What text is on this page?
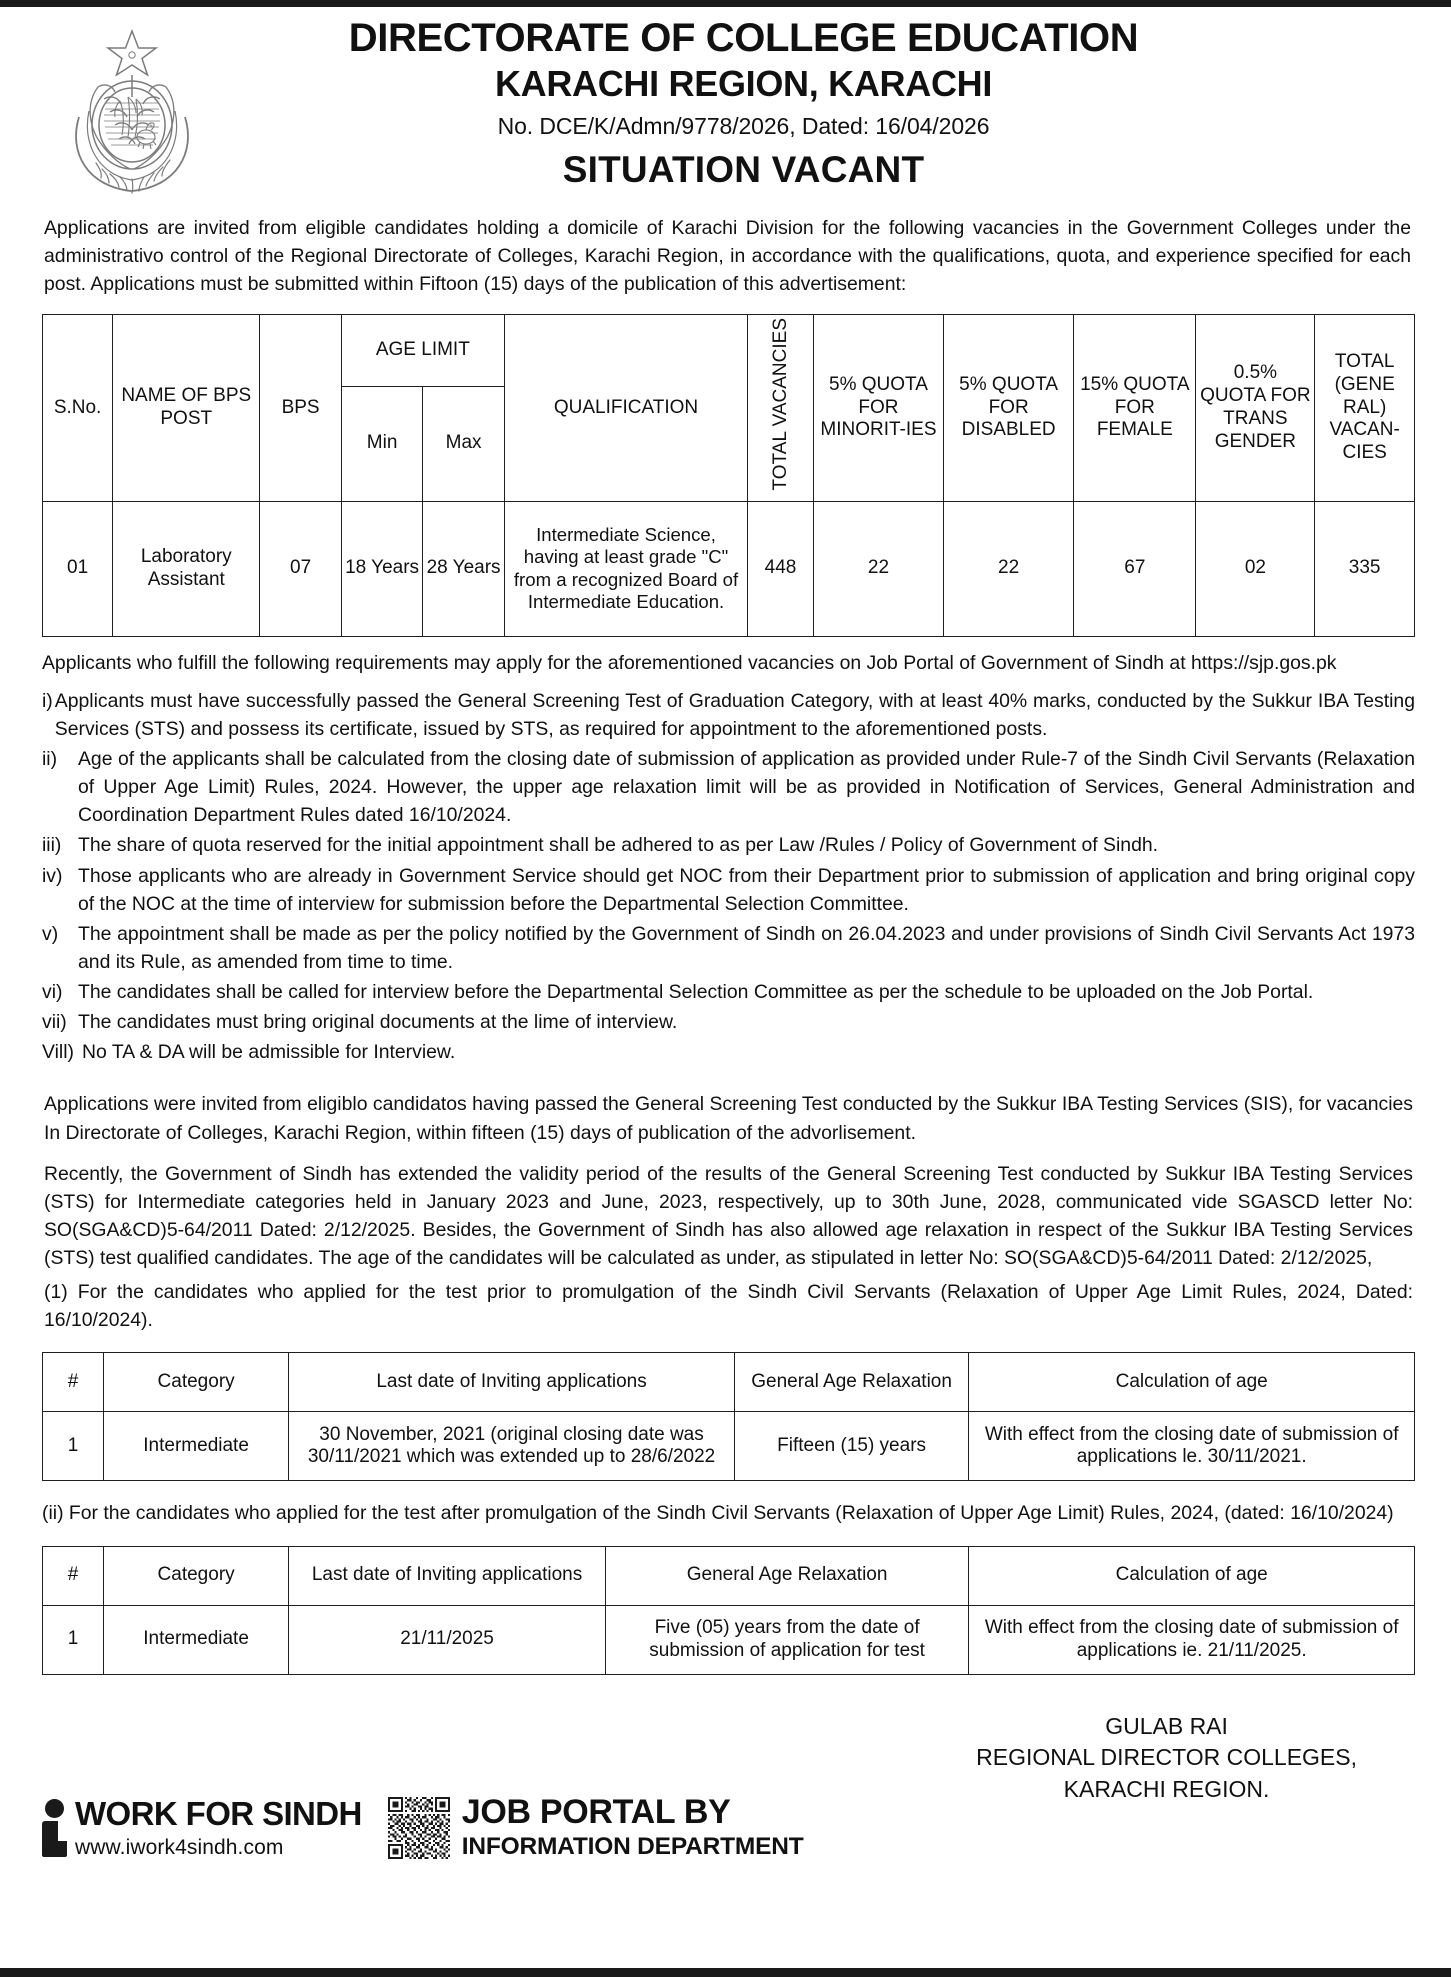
DIRECTORATE OF COLLEGE EDUCATION
KARACHI REGION, KARACHI
No. DCE/K/Admn/9778/2026, Dated: 16/04/2026
SITUATION VACANT

Applications are invited from eligible candidates holding a domicile of Karachi Division for the following vacancies in the Government Colleges under the administrativo control of the Regional Directorate of Colleges, Karachi Region, in accordance with the qualifications, quota, and experience specified for each post. Applications must be submitted within Fiftoon (15) days of the publication of this advertisement:

S.No.	NAME OF BPS POST	BPS	AGE LIMIT		QUALIFICATION	TOTAL VACANCIES	5% QUOTA FOR MINORIT-IES	5% QUOTA FOR DISABLED	15% QUOTA FOR FEMALE	0.5% QUOTA FOR TRANS GENDER	TOTAL (GENE RAL) VACAN-CIES
			Min	Max							
01	Laboratory Assistant	07	18 Years	28 Years	Intermediate Science, having at least grade "C" from a recognized Board of Intermediate Education.	448	22	22	67	02	335

Applicants who fulfill the following requirements may apply for the aforementioned vacancies on Job Portal of Government of Sindh at https://sjp.gos.pk

i) Applicants must have successfully passed the General Screening Test of Graduation Category, with at least 40% marks, conducted by the Sukkur IBA Testing Services (STS) and possess its certificate, issued by STS, as required for appointment to the aforementioned posts.
ii)	Age of the applicants shall be calculated from the closing date of submission of application as provided under Rule-7 of the Sindh Civil Servants (Relaxation of Upper Age Limit) Rules, 2024. However, the upper age relaxation limit will be as provided in Notification of Services, General Administration and Coordination Department Rules dated 16/10/2024.
iii) The share of quota reserved for the initial appointment shall be adhered to as per Law /Rules / Policy of Government of Sindh.
iv) Those applicants who are already in Government Service should get NOC from their Department prior to submission of application and bring original copy of the NOC at the time of interview for submission before the Departmental Selection Committee.
v)	The appointment shall be made as per the policy notified by the Government of Sindh on 26.04.2023 and under provisions of Sindh Civil Servants Act 1973 and its Rule, as amended from time to time.
vi) The candidates shall be called for interview before the Departmental Selection Committee as per the schedule to be uploaded on the Job Portal.
vii) The candidates must bring original documents at the lime of interview.
Vill) No TA & DA will be admissible for Interview.

Applications were invited from eligiblo candidatos having passed the General Screening Test conducted by the Sukkur IBA Testing Services (SIS), for vacancies In Directorate of Colleges, Karachi Region, within fifteen (15) days of publication of the advorlisement.

Recently, the Government of Sindh has extended the validity period of the results of the General Screening Test conducted by Sukkur IBA Testing Services (STS) for Intermediate categories held in January 2023 and June, 2023, respectively, up to 30th June, 2028, communicated vide SGASCD letter No: SO(SGA&CD)5-64/2011 Dated: 2/12/2025. Besides, the Government of Sindh has also allowed age relaxation in respect of the Sukkur IBA Testing Services (STS) test qualified candidates. The age of the candidates will be calculated as under, as stipulated in letter No: SO(SGA&CD)5-64/2011 Dated: 2/12/2025,

(1) For the candidates who applied for the test prior to promulgation of the Sindh Civil Servants (Relaxation of Upper Age Limit Rules, 2024, Dated: 16/10/2024).

#	Category	Last date of Inviting applications	General Age Relaxation	Calculation of age
1	Intermediate	30 November, 2021 (original closing date was 30/11/2021 which was extended up to 28/6/2022	Fifteen (15) years	With effect from the closing date of submission of applications le. 30/11/2021.

(ii) For the candidates who applied for the test after promulgation of the Sindh Civil Servants (Relaxation of Upper Age Limit) Rules, 2024, (dated: 16/10/2024)

#	Category	Last date of Inviting applications	General Age Relaxation	Calculation of age
1	Intermediate	21/11/2025	Five (05) years from the date of submission of application for test	With effect from the closing date of submission of applications ie. 21/11/2025.
WORK FOR SINDH
www.iwork4sindh.com
JOB PORTAL BY
INFORMATION DEPARTMENT
GULAB RAI
REGIONAL DIRECTOR COLLEGES,
KARACHI REGION.
